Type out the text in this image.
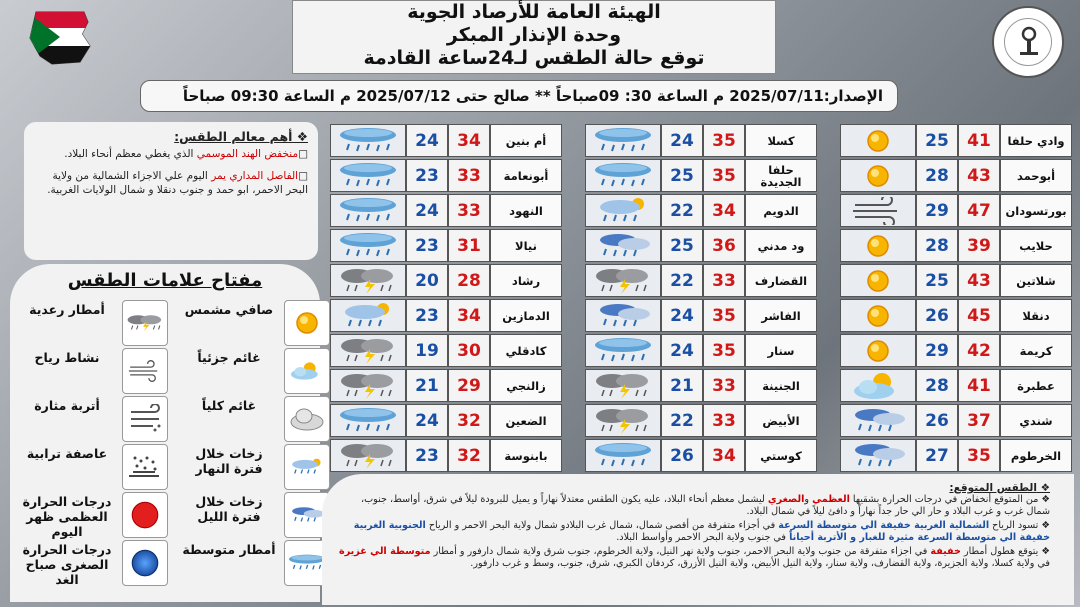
الهيئة العامة للأرصاد الجوية
وحدة الإنذار المبكر
توقع حالة الطقس لـ24ساعة القادمة
الإصدار:2025/07/11 م الساعة 30: 09صباحاً ** صالح حتى 2025/07/12 م الساعة 09:30 صباحاً
❖ أهم معالم الطقس:

□منخفض الهند الموسمي الذي يغطي معظم أنحاء البلاد.

□الفاصل المداري يمر اليوم علي الاجزاء الشمالية من ولاية البحر الاحمر، ابو حمد و جنوب دنقلا و شمال الولايات الغربية.

مفتاح علامات الطقس
صافي مشمس
أمطار رعدية
غائم جزئياً
نشاط رياح
غائم كلياً
أتربة مثارة
زخات خلال فترة النهار
عاصفة ترابية
زخات خلال فترة الليل
درجات الحرارة العظمى ظهر اليوم
أمطار متوسطة
درجات الحرارة الصغرى صباح الغد
وادي حلفا
41
25
أبوحمد
43
28
بورتسودان
47
29
حلايب
39
28
شلاتين
43
25
دنقلا
45
26
كريمة
42
29
عطبرة
41
28
شندي
37
26
الخرطوم
35
27
كسلا
35
24
حلفا الجديدة
35
25
الدويم
34
22
ود مدني
36
25
القضارف
33
22
الفاشر
35
24
سنار
35
24
الجنينة
33
21
الأبيض
33
22
كوستي
34
26
أم بنين
34
24
أبونعامة
33
23
النهود
33
24
نيالا
31
23
رشاد
28
20
الدمازين
34
23
كادقلي
30
19
زالنجي
29
21
الضعين
32
24
بابنوسة
32
23
❖ الطقس المتوقع:

❖ من المتوقع أنخفاض في درجات الحرارة بشقيها العظمي والصغري ليشمل معظم أنحاء البلاد، عليه يكون الطقس معتدلاً نهاراً و يميل للبرودة ليلاً في شرق، أواسط، جنوب، شمال غرب و غرب البلاد و حار الي حار جداً نهاراً و دافئ ليلاً في شمال البلاد.

❖ تسود الرياح الشمالية الغربية خفيفة الي متوسطة السرعة في أجزاء متفرقة من أقصى شمال، شمال غرب البلادو شمال ولاية البحر الاحمر و الرياح الجنوبية الغربية خفيفة الي متوسطة السرعة مثيرة للغبار و الأتربة أحياناً في جنوب ولاية البحر الاحمر وأواسط البلاد.

❖ يتوقع هطول أمطار خفيفة في اجزاء متفرقة من جنوب ولاية البحر الاحمر، جنوب ولاية نهر النيل، ولاية الخرطوم، جنوب شرق ولاية شمال دارفور و أمطار متوسطة الي غزيرة في ولاية كسلا، ولاية الجزيرة، ولاية القضارف، ولاية سنار، ولاية النيل الأبيض، ولاية النيل الأزرق، كردفان الكبري، شرق، جنوب، وسط و غرب دارفور.
